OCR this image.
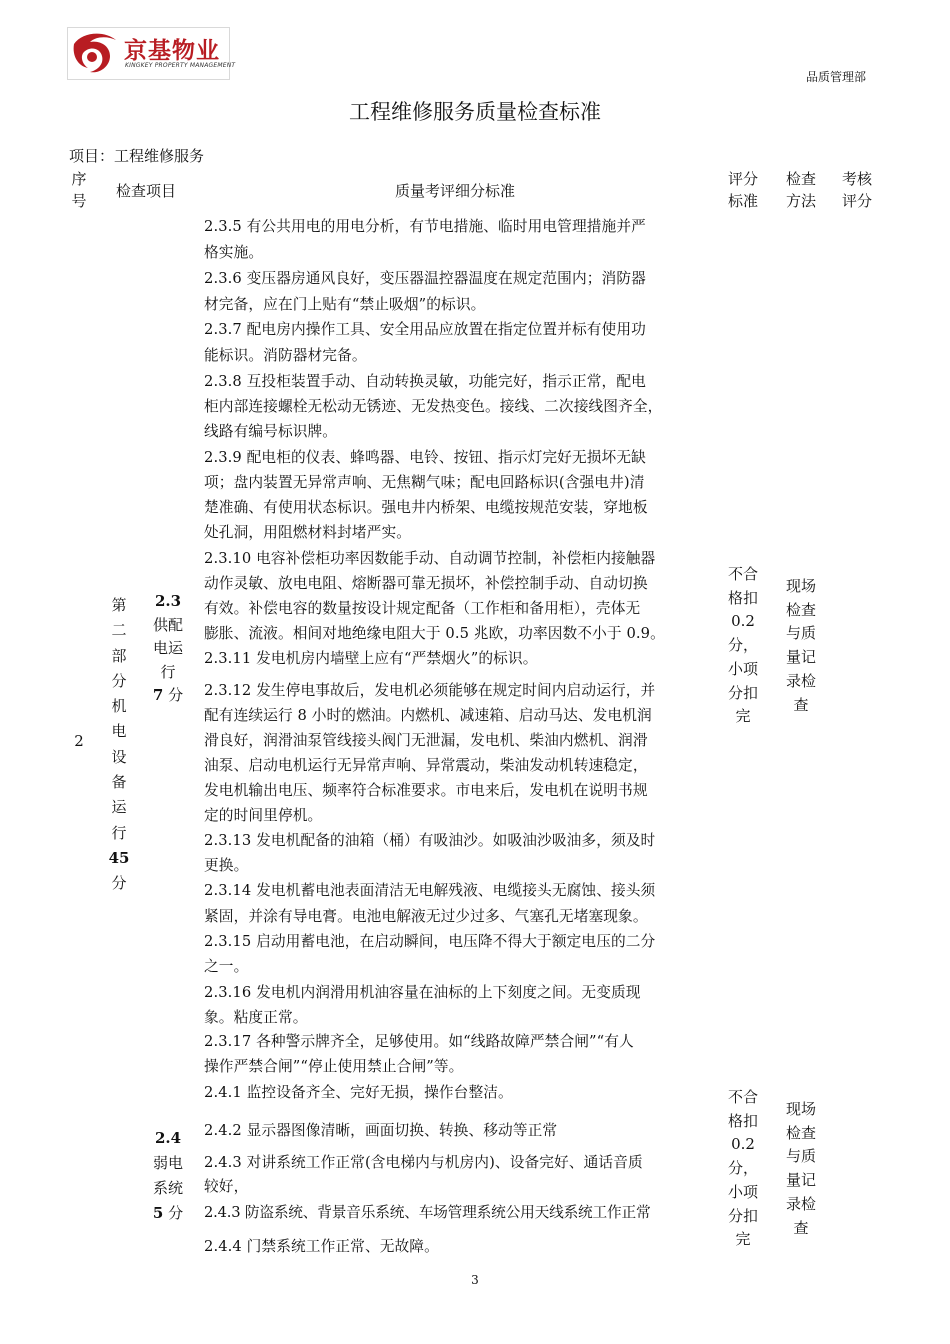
京基物业
KINGKEY PROPERTY MANAGEMENT
品质管理部
工程维修服务质量检查标准
项目：工程维修服务
序
号
检查项目	质量考评细分标准
评分
标准
检查
方法
考核
评分
2
第
二
部
分
机
电
设
备
运
行
45
分
2.3
供配
电运
行
7 分
2.4
弱电
系统
5 分
2.3.5 有公共用电的用电分析，有节电措施、临时用电管理措施并严
格实施。
2.3.6 变压器房通风良好，变压器温控器温度在规定范围内；消防器
材完备，应在门上贴有“禁止吸烟”的标识。
2.3.7 配电房内操作工具、安全用品应放置在指定位置并标有使用功
能标识。消防器材完备。
2.3.8 互投柜装置手动、自动转换灵敏，功能完好，指示正常，配电
柜内部连接螺栓无松动无锈迹、无发热变色。接线、二次接线图齐全，
线路有编号标识牌。
2.3.9 配电柜的仪表、蜂鸣器、电铃、按钮、指示灯完好无损坏无缺
项；盘内装置无异常声响、无焦糊气味；配电回路标识(含强电井)清
楚准确、有使用状态标识。强电井内桥架、电缆按规范安装，穿地板
处孔洞，用阻燃材料封堵严实。
2.3.10 电容补偿柜功率因数能手动、自动调节控制，补偿柜内接触器
动作灵敏、放电电阻、熔断器可靠无损坏，补偿控制手动、自动切换
有效。补偿电容的数量按设计规定配备（工作柜和备用柜），壳体无
膨胀、流液。相间对地绝缘电阻大于 0.5 兆欧，功率因数不小于 0.9。
2.3.11 发电机房内墙壁上应有“严禁烟火”的标识。
2.3.12 发生停电事故后，发电机必须能够在规定时间内启动运行，并
配有连续运行 8 小时的燃油。内燃机、减速箱、启动马达、发电机润
滑良好，润滑油泵管线接头阀门无泄漏，发电机、柴油内燃机、润滑
油泵、启动电机运行无异常声响、异常震动，柴油发动机转速稳定，
发电机输出电压、频率符合标准要求。市电来后，发电机在说明书规
定的时间里停机。
2.3.13 发电机配备的油箱（桶）有吸油沙。如吸油沙吸油多，须及时
更换。
2.3.14 发电机蓄电池表面清洁无电解残液、电缆接头无腐蚀、接头须
紧固，并涂有导电膏。电池电解液无过少过多、气塞孔无堵塞现象。
2.3.15 启动用蓄电池，在启动瞬间，电压降不得大于额定电压的二分
之一。
2.3.16 发电机内润滑用机油容量在油标的上下刻度之间。无变质现
象。粘度正常。
2.3.17 各种警示牌齐全，足够使用。如“线路故障严禁合闸”“有人
操作严禁合闸”“停止使用禁止合闸”等。
2.4.1 监控设备齐全、完好无损，操作台整洁。
2.4.2 显示器图像清晰，画面切换、转换、移动等正常
2.4.3 对讲系统工作正常(含电梯内与机房内)、设备完好、通话音质
较好，
2.4.3 防盗系统、背景音乐系统、车场管理系统公用天线系统工作正常
2.4.4 门禁系统工作正常、无故障。
不合
格扣
0.2
分，
小项
分扣
完
现场
检查
与质
量记
录检
查
不合
格扣
0.2
分，
小项
分扣
完
现场
检查
与质
量记
录检
查
3
